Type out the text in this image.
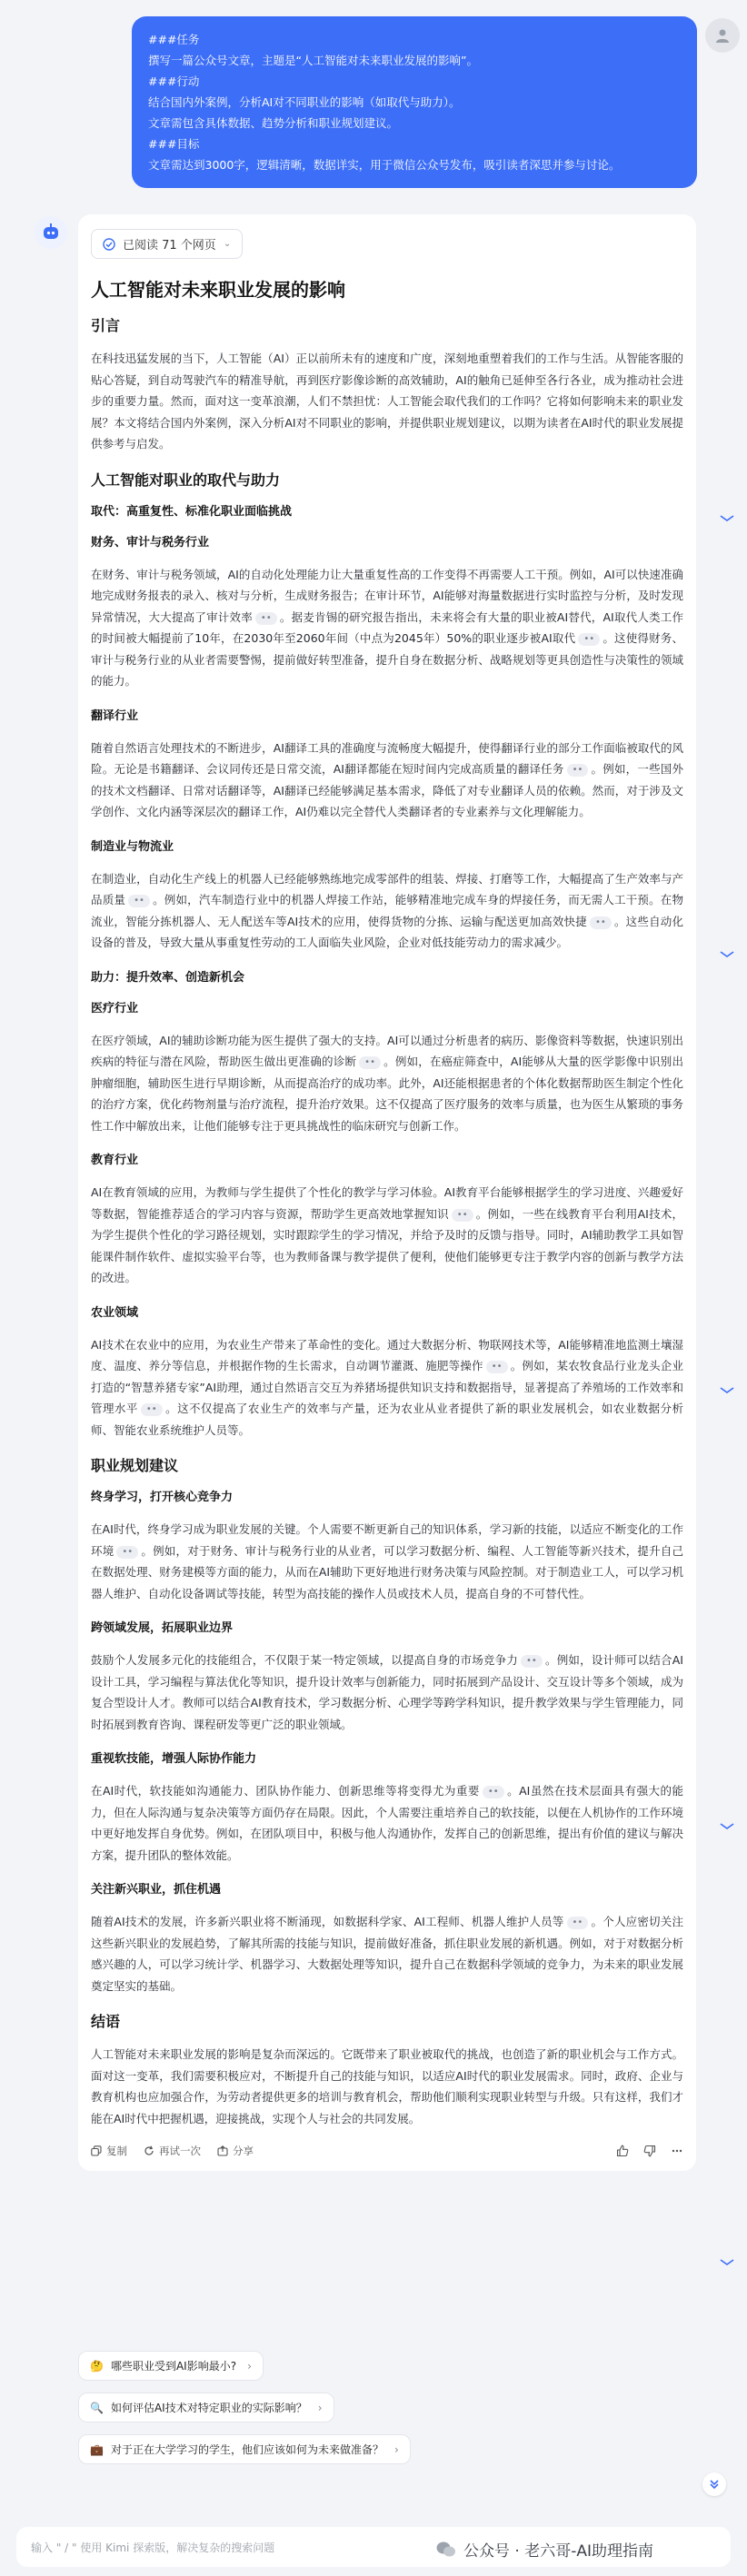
###任务
撰写一篇公众号文章，主题是“人工智能对未来职业发展的影响”。
###行动
结合国内外案例，分析AI对不同职业的影响（如取代与助力）。
文章需包含具体数据、趋势分析和职业规划建议。
###目标
文章需达到3000字，逻辑清晰，数据详实，用于微信公众号发布，吸引读者深思并参与讨论。
已阅读 71 个网页 ⌄
人工智能对未来职业发展的影响
引言

在科技迅猛发展的当下，人工智能（AI）正以前所未有的速度和广度，深刻地重塑着我们的工作与生活。从智能客服的贴心答疑，到自动驾驶汽车的精准导航，再到医疗影像诊断的高效辅助，AI的触角已延伸至各行各业，成为推动社会进步的重要力量。然而，面对这一变革浪潮，人们不禁担忧：人工智能会取代我们的工作吗？它将如何影响未来的职业发展？本文将结合国内外案例，深入分析AI对不同职业的影响，并提供职业规划建议，以期为读者在AI时代的职业发展提供参考与启发。

人工智能对职业的取代与助力
取代：高重复性、标准化职业面临挑战
财务、审计与税务行业

在财务、审计与税务领域，AI的自动化处理能力让大量重复性高的工作变得不再需要人工干预。例如，AI可以快速准确地完成财务报表的录入、核对与分析，生成财务报告；在审计环节，AI能够对海量数据进行实时监控与分析，及时发现异常情况，大大提高了审计效率 •• 。据麦肯锡的研究报告指出，未来将会有大量的职业被AI替代，AI取代人类工作的时间被大幅提前了10年，在2030年至2060年间（中点为2045年）50%的职业逐步被AI取代 •• 。这使得财务、审计与税务行业的从业者需要警惕，提前做好转型准备，提升自身在数据分析、战略规划等更具创造性与决策性的领域的能力。

翻译行业

随着自然语言处理技术的不断进步，AI翻译工具的准确度与流畅度大幅提升，使得翻译行业的部分工作面临被取代的风险。无论是书籍翻译、会议同传还是日常交流，AI翻译都能在短时间内完成高质量的翻译任务 •• 。例如，一些国外的技术文档翻译、日常对话翻译等，AI翻译已经能够满足基本需求，降低了对专业翻译人员的依赖。然而，对于涉及文学创作、文化内涵等深层次的翻译工作，AI仍难以完全替代人类翻译者的专业素养与文化理解能力。

制造业与物流业

在制造业，自动化生产线上的机器人已经能够熟练地完成零部件的组装、焊接、打磨等工作，大幅提高了生产效率与产品质量 •• 。例如，汽车制造行业中的机器人焊接工作站，能够精准地完成车身的焊接任务，而无需人工干预。在物流业，智能分拣机器人、无人配送车等AI技术的应用，使得货物的分拣、运输与配送更加高效快捷 •• 。这些自动化设备的普及，导致大量从事重复性劳动的工人面临失业风险，企业对低技能劳动力的需求减少。

助力：提升效率、创造新机会
医疗行业

在医疗领域，AI的辅助诊断功能为医生提供了强大的支持。AI可以通过分析患者的病历、影像资料等数据，快速识别出疾病的特征与潜在风险，帮助医生做出更准确的诊断 •• 。例如，在癌症筛查中，AI能够从大量的医学影像中识别出肿瘤细胞，辅助医生进行早期诊断，从而提高治疗的成功率。此外，AI还能根据患者的个体化数据帮助医生制定个性化的治疗方案，优化药物剂量与治疗流程，提升治疗效果。这不仅提高了医疗服务的效率与质量，也为医生从繁琐的事务性工作中解放出来，让他们能够专注于更具挑战性的临床研究与创新工作。

教育行业

AI在教育领域的应用，为教师与学生提供了个性化的教学与学习体验。AI教育平台能够根据学生的学习进度、兴趣爱好等数据，智能推荐适合的学习内容与资源，帮助学生更高效地掌握知识 •• 。例如，一些在线教育平台利用AI技术，为学生提供个性化的学习路径规划，实时跟踪学生的学习情况，并给予及时的反馈与指导。同时，AI辅助教学工具如智能课件制作软件、虚拟实验平台等，也为教师备课与教学提供了便利，使他们能够更专注于教学内容的创新与教学方法的改进。

农业领域

AI技术在农业中的应用，为农业生产带来了革命性的变化。通过大数据分析、物联网技术等，AI能够精准地监测土壤湿度、温度、养分等信息，并根据作物的生长需求，自动调节灌溉、施肥等操作 •• 。例如，某农牧食品行业龙头企业打造的“智慧养猪专家”AI助理，通过自然语言交互为养猪场提供知识支持和数据指导，显著提高了养殖场的工作效率和管理水平 •• 。这不仅提高了农业生产的效率与产量，还为农业从业者提供了新的职业发展机会，如农业数据分析师、智能农业系统维护人员等。

职业规划建议
终身学习，打开核心竞争力

在AI时代，终身学习成为职业发展的关键。个人需要不断更新自己的知识体系，学习新的技能，以适应不断变化的工作环境 •• 。例如，对于财务、审计与税务行业的从业者，可以学习数据分析、编程、人工智能等新兴技术，提升自己在数据处理、财务建模等方面的能力，从而在AI辅助下更好地进行财务决策与风险控制。对于制造业工人，可以学习机器人维护、自动化设备调试等技能，转型为高技能的操作人员或技术人员，提高自身的不可替代性。

跨领域发展，拓展职业边界

鼓励个人发展多元化的技能组合，不仅限于某一特定领域，以提高自身的市场竞争力 •• 。例如，设计师可以结合AI设计工具，学习编程与算法优化等知识，提升设计效率与创新能力，同时拓展到产品设计、交互设计等多个领域，成为复合型设计人才。教师可以结合AI教育技术，学习数据分析、心理学等跨学科知识，提升教学效果与学生管理能力，同时拓展到教育咨询、课程研发等更广泛的职业领域。

重视软技能，增强人际协作能力

在AI时代，软技能如沟通能力、团队协作能力、创新思维等将变得尤为重要 •• 。AI虽然在技术层面具有强大的能力，但在人际沟通与复杂决策等方面仍存在局限。因此，个人需要注重培养自己的软技能，以便在人机协作的工作环境中更好地发挥自身优势。例如，在团队项目中，积极与他人沟通协作，发挥自己的创新思维，提出有价值的建议与解决方案，提升团队的整体效能。

关注新兴职业，抓住机遇

随着AI技术的发展，许多新兴职业将不断涌现，如数据科学家、AI工程师、机器人维护人员等 •• 。个人应密切关注这些新兴职业的发展趋势，了解其所需的技能与知识，提前做好准备，抓住职业发展的新机遇。例如，对于对数据分析感兴趣的人，可以学习统计学、机器学习、大数据处理等知识，提升自己在数据科学领域的竞争力，为未来的职业发展奠定坚实的基础。

结语

人工智能对未来职业发展的影响是复杂而深远的。它既带来了职业被取代的挑战，也创造了新的职业机会与工作方式。面对这一变革，我们需要积极应对，不断提升自己的技能与知识，以适应AI时代的职业发展需求。同时，政府、企业与教育机构也应加强合作，为劳动者提供更多的培训与教育机会，帮助他们顺利实现职业转型与升级。只有这样，我们才能在AI时代中把握机遇，迎接挑战，实现个人与社会的共同发展。

复制	再试一次	分享
🤔 哪些职业受到AI影响最小? ›
🔍 如何评估AI技术对特定职业的实际影响？ ›
💼 对于正在大学学习的学生，他们应该如何为未来做准备？ ›
输入 " / " 使用 Kimi 探索版，解决复杂的搜索问题	公众号 · 老六哥-AI助理指南
